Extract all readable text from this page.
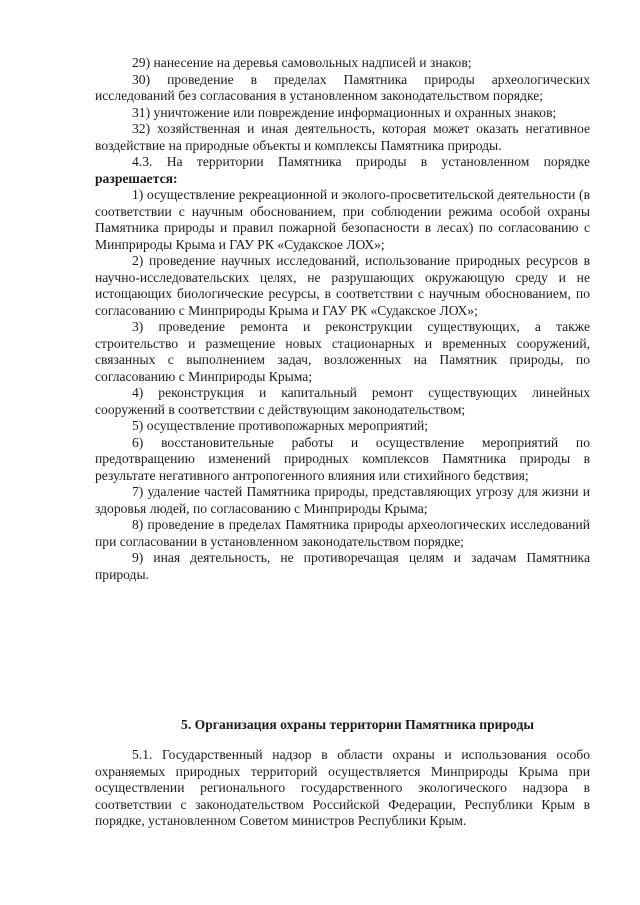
29) нанесение на деревья самовольных надписей и знаков;

30) проведение в пределах Памятника природы археологических исследований без согласования в установленном законодательством порядке;

31) уничтожение или повреждение информационных и охранных знаков;

32) хозяйственная и иная деятельность, которая может оказать негативное воздействие на природные объекты и комплексы Памятника природы.

4.3. На территории Памятника природы в установленном порядке разрешается:

1) осуществление рекреационной и эколого-просветительской деятельности (в соответствии с научным обоснованием, при соблюдении режима особой охраны Памятника природы и правил пожарной безопасности в лесах) по согласованию с Минприроды Крыма и ГАУ РК «Судакское ЛОХ»;

2) проведение научных исследований, использование природных ресурсов в научно-исследовательских целях, не разрушающих окружающую среду и не истощающих биологические ресурсы, в соответствии с научным обоснованием, по согласованию с Минприроды Крыма и ГАУ РК «Судакское ЛОХ»;

3) проведение ремонта и реконструкции существующих, а также строительство и размещение новых стационарных и временных сооружений, связанных с выполнением задач, возложенных на Памятник природы, по согласованию с Минприроды Крыма;

4) реконструкция и капитальный ремонт существующих линейных сооружений в соответствии с действующим законодательством;

5) осуществление противопожарных мероприятий;

6) восстановительные работы и осуществление мероприятий по предотвращению изменений природных комплексов Памятника природы в результате негативного антропогенного влияния или стихийного бедствия;

7) удаление частей Памятника природы, представляющих угрозу для жизни и здоровья людей, по согласованию с Минприроды Крыма;

8) проведение в пределах Памятника природы археологических исследований при согласовании в установленном законодательством порядке;

9) иная деятельность, не противоречащая целям и задачам Памятника природы.

5. Организация охраны территории Памятника природы

5.1. Государственный надзор в области охраны и использования особо охраняемых природных территорий осуществляется Минприроды Крыма при осуществлении регионального государственного экологического надзора в соответствии с законодательством Российской Федерации, Республики Крым в порядке, установленном Советом министров Республики Крым.
